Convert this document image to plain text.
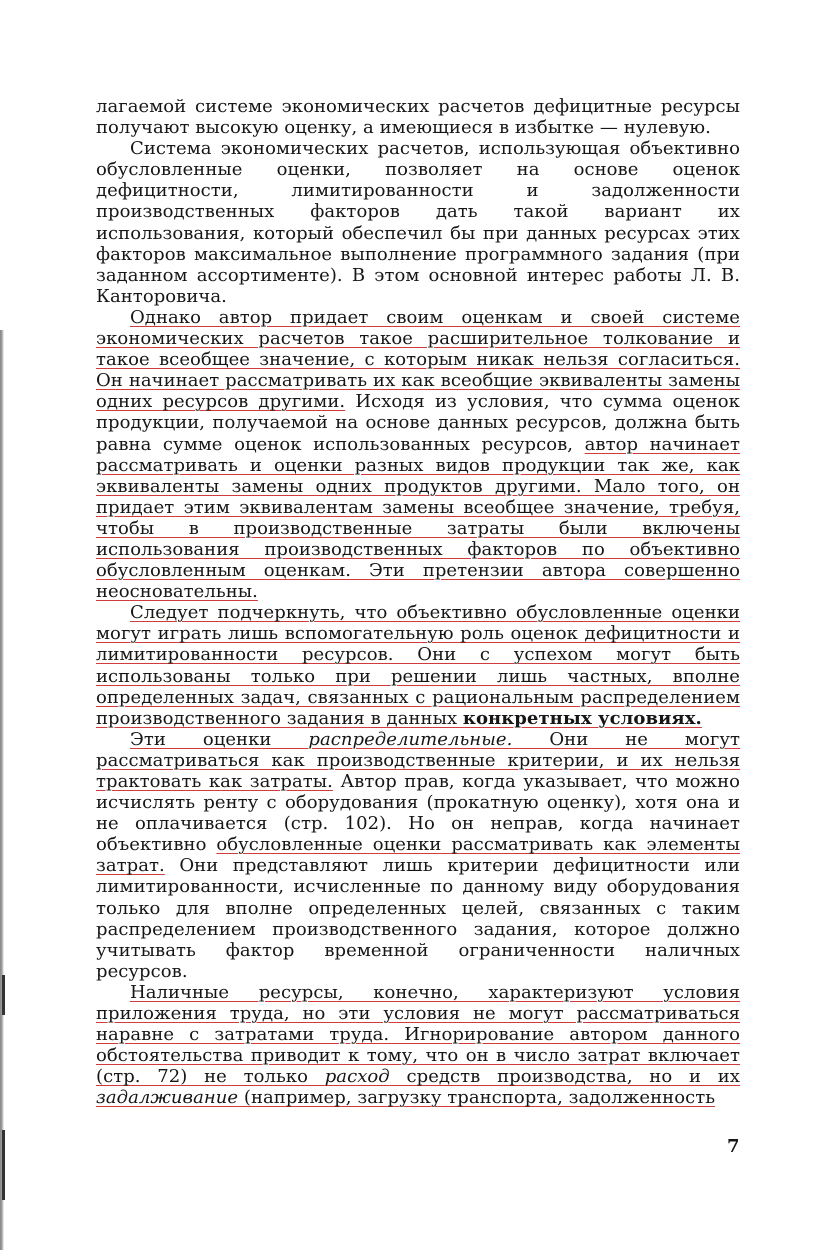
лагаемой системе экономических расчетов дефицитные ресурсы получают высокую оценку, а имеющиеся в избытке — нулевую.

Система экономических расчетов, использующая объективно обусловленные оценки, позволяет на основе оценок дефицитности, лимитированности и задолженности производственных факторов дать такой вариант их использования, который обеспечил бы при данных ресурсах этих факторов максимальное выполнение программного задания (при заданном ассортименте). В этом основной интерес работы Л. В. Канторовича.

Однако автор придает своим оценкам и своей системе экономических расчетов такое расширительное толкование и такое всеобщее значение, с которым никак нельзя согласиться. Он начинает рассматривать их как всеобщие эквиваленты замены одних ресурсов другими. Исходя из условия, что сумма оценок продукции, получаемой на основе данных ресурсов, должна быть равна сумме оценок использованных ресурсов, автор начинает рассматривать и оценки разных видов продукции так же, как эквиваленты замены одних продуктов другими. Мало того, он придает этим эквивалентам замены всеобщее значение, требуя, чтобы в производственные затраты были включены использования производственных факторов по объективно обусловленным оценкам. Эти претензии автора совершенно неосновательны.

Следует подчеркнуть, что объективно обусловленные оценки могут играть лишь вспомогательную роль оценок дефицитности и лимитированности ресурсов. Они с успехом могут быть использованы только при решении лишь частных, вполне определенных задач, связанных с рациональным распределением производственного задания в данных конкретных условиях.

Эти оценки распределительные. Они не могут рассматриваться как производственные критерии, и их нельзя трактовать как затраты. Автор прав, когда указывает, что можно исчислять ренту с оборудования (прокатную оценку), хотя она и не оплачивается (стр. 102). Но он неправ, когда начинает объективно обусловленные оценки рассматривать как элементы затрат. Они представляют лишь критерии дефицитности или лимитированности, исчисленные по данному виду оборудования только для вполне определенных целей, связанных с таким распределением производственного задания, которое должно учитывать фактор временной ограниченности наличных ресурсов.

Наличные ресурсы, конечно, характеризуют условия приложения труда, но эти условия не могут рассматриваться наравне с затратами труда. Игнорирование автором данного обстоятельства приводит к тому, что он в число затрат включает (стр. 72) не только расход средств производства, но и их задалживание (например, загрузку транспорта, задолженность

7
